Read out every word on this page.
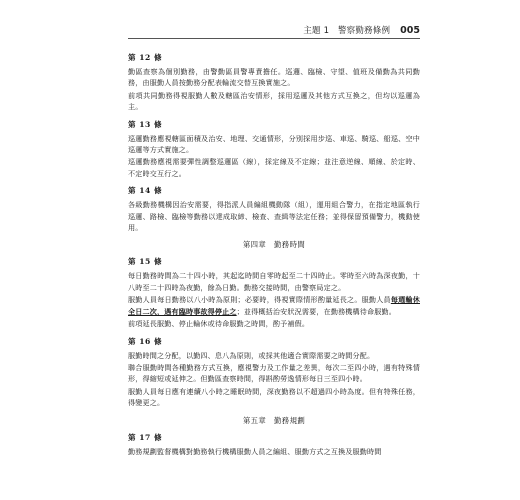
主題 1　警察勤務條例 005
第 12 條

勤區查察為個別勤務，由警勤區員警專責擔任。巡邏、臨檢、守望、值班及備勤為共同勤務，由服勤人員按勤務分配表輪流交替互換實施之。

前項共同勤務得視服勤人數及轄區治安情形，採用巡邏及其他方式互換之，但均以巡邏為主。

第 13 條

巡邏勤務應視轄區面積及治安、地理、交通情形，分別採用步巡、車巡、騎巡、船巡、空中巡邏等方式實施之。

巡邏勤務應視需要彈性調整巡邏區（線），採定線及不定線；並注意逆線、順線、於定時、不定時交互行之。

第 14 條

各級勤務機構因治安需要，得指派人員編組機動隊（組），運用組合警力，在指定地區執行巡邏、路檢、臨檢等勤務以達成取締、檢查、查緝等法定任務；並得保留預備警力，機動使用。

第四章　勤務時間
第 15 條

每日勤務時間為二十四小時，其起迄時間自零時起至二十四時止。零時至六時為深夜勤，十八時至二十四時為夜勤，餘為日勤。勤務交接時間，由警察局定之。

服勤人員每日勤務以八小時為原則；必要時，得視實際情形酌量延長之。服勤人員每週輪休全日二次，遇有臨時事故得停止之；並得概括治安狀況需要，在勤務機構待命服勤。

前項延長服勤、停止輪休或待命服勤之時間，酌予補假。

第 16 條

服勤時間之分配，以勤四、息八為原則，或採其他適合實際需要之時間分配。

聯合服勤時間各種勤務方式互換，應視警力及工作量之差異，每次二至四小時，遇有特殊情形，得縮短或延伸之。但勤區查察時間，得斟酌勞逸情形每日三至四小時。

服勤人員每日應有連續八小時之睡眠時間，深夜勤務以不超過四小時為度。但有特殊任務，得變更之。

第五章　勤務規劃
第 17 條

勤務規劃監督機構對勤務執行機構服勤人員之編組、服勤方式之互換及服勤時間
